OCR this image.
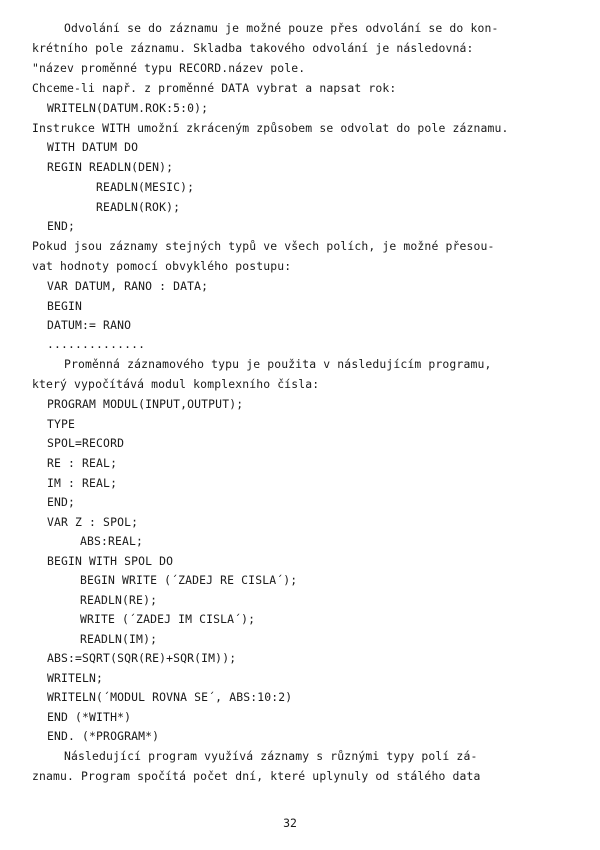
Odvolání se do záznamu je možné pouze přes odvolání se do kon-
krétního pole záznamu. Skladba takového odvolání je následovná:
"název proměnné typu RECORD.název pole.
Chceme-li např. z proměnné DATA vybrat a napsat rok:
WRITELN(DATUM.ROK:5:0);
Instrukce WITH umožní zkráceným způsobem se odvolat do pole záznamu.
WITH DATUM DO
REGIN READLN(DEN);
READLN(MESIC);
READLN(ROK);
END;
Pokud jsou záznamy stejných typů ve všech polích, je možné přesou-
vat hodnoty pomocí obvyklého postupu:
VAR DATUM, RANO : DATA;
BEGIN
DATUM:= RANO
..............
Proměnná záznamového typu je použita v následujícím programu,
který vypočítává modul komplexního čísla:
PROGRAM MODUL(INPUT,OUTPUT);
TYPE
SPOL=RECORD
RE : REAL;
IM : REAL;
END;
VAR Z : SPOL;
ABS:REAL;
BEGIN WITH SPOL DO
BEGIN WRITE (´ZADEJ RE CISLA´);
READLN(RE);
WRITE (´ZADEJ IM CISLA´);
READLN(IM);
ABS:=SQRT(SQR(RE)+SQR(IM));
WRITELN;
WRITELN(´MODUL ROVNA SE´, ABS:10:2)
END (*WITH*)
END. (*PROGRAM*)
Následující program využívá záznamy s různými typy polí zá-
znamu. Program spočítá počet dní, které uplynuly od stálého data
32
